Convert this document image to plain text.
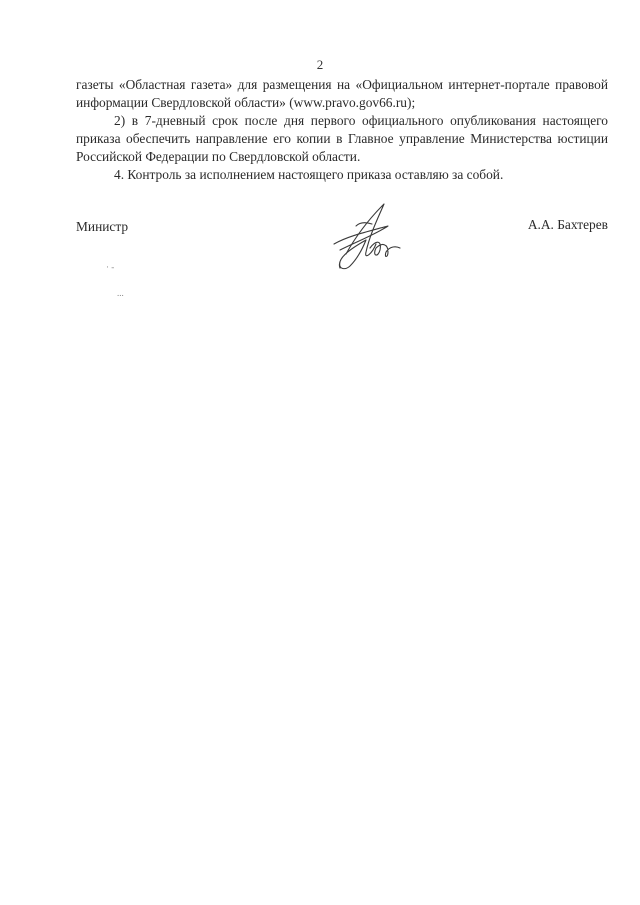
2

газеты «Областная газета» для размещения на «Официальном интернет-портале правовой информации Свердловской области» (www.pravo.gov66.ru);

2) в 7-дневный срок после дня первого официального опубликования настоящего приказа обеспечить направление его копии в Главное управление Министерства юстиции Российской Федерации по Свердловской области.

4. Контроль за исполнением настоящего приказа оставляю за собой.

Министр	А.А. Бахтерев
· -
...
